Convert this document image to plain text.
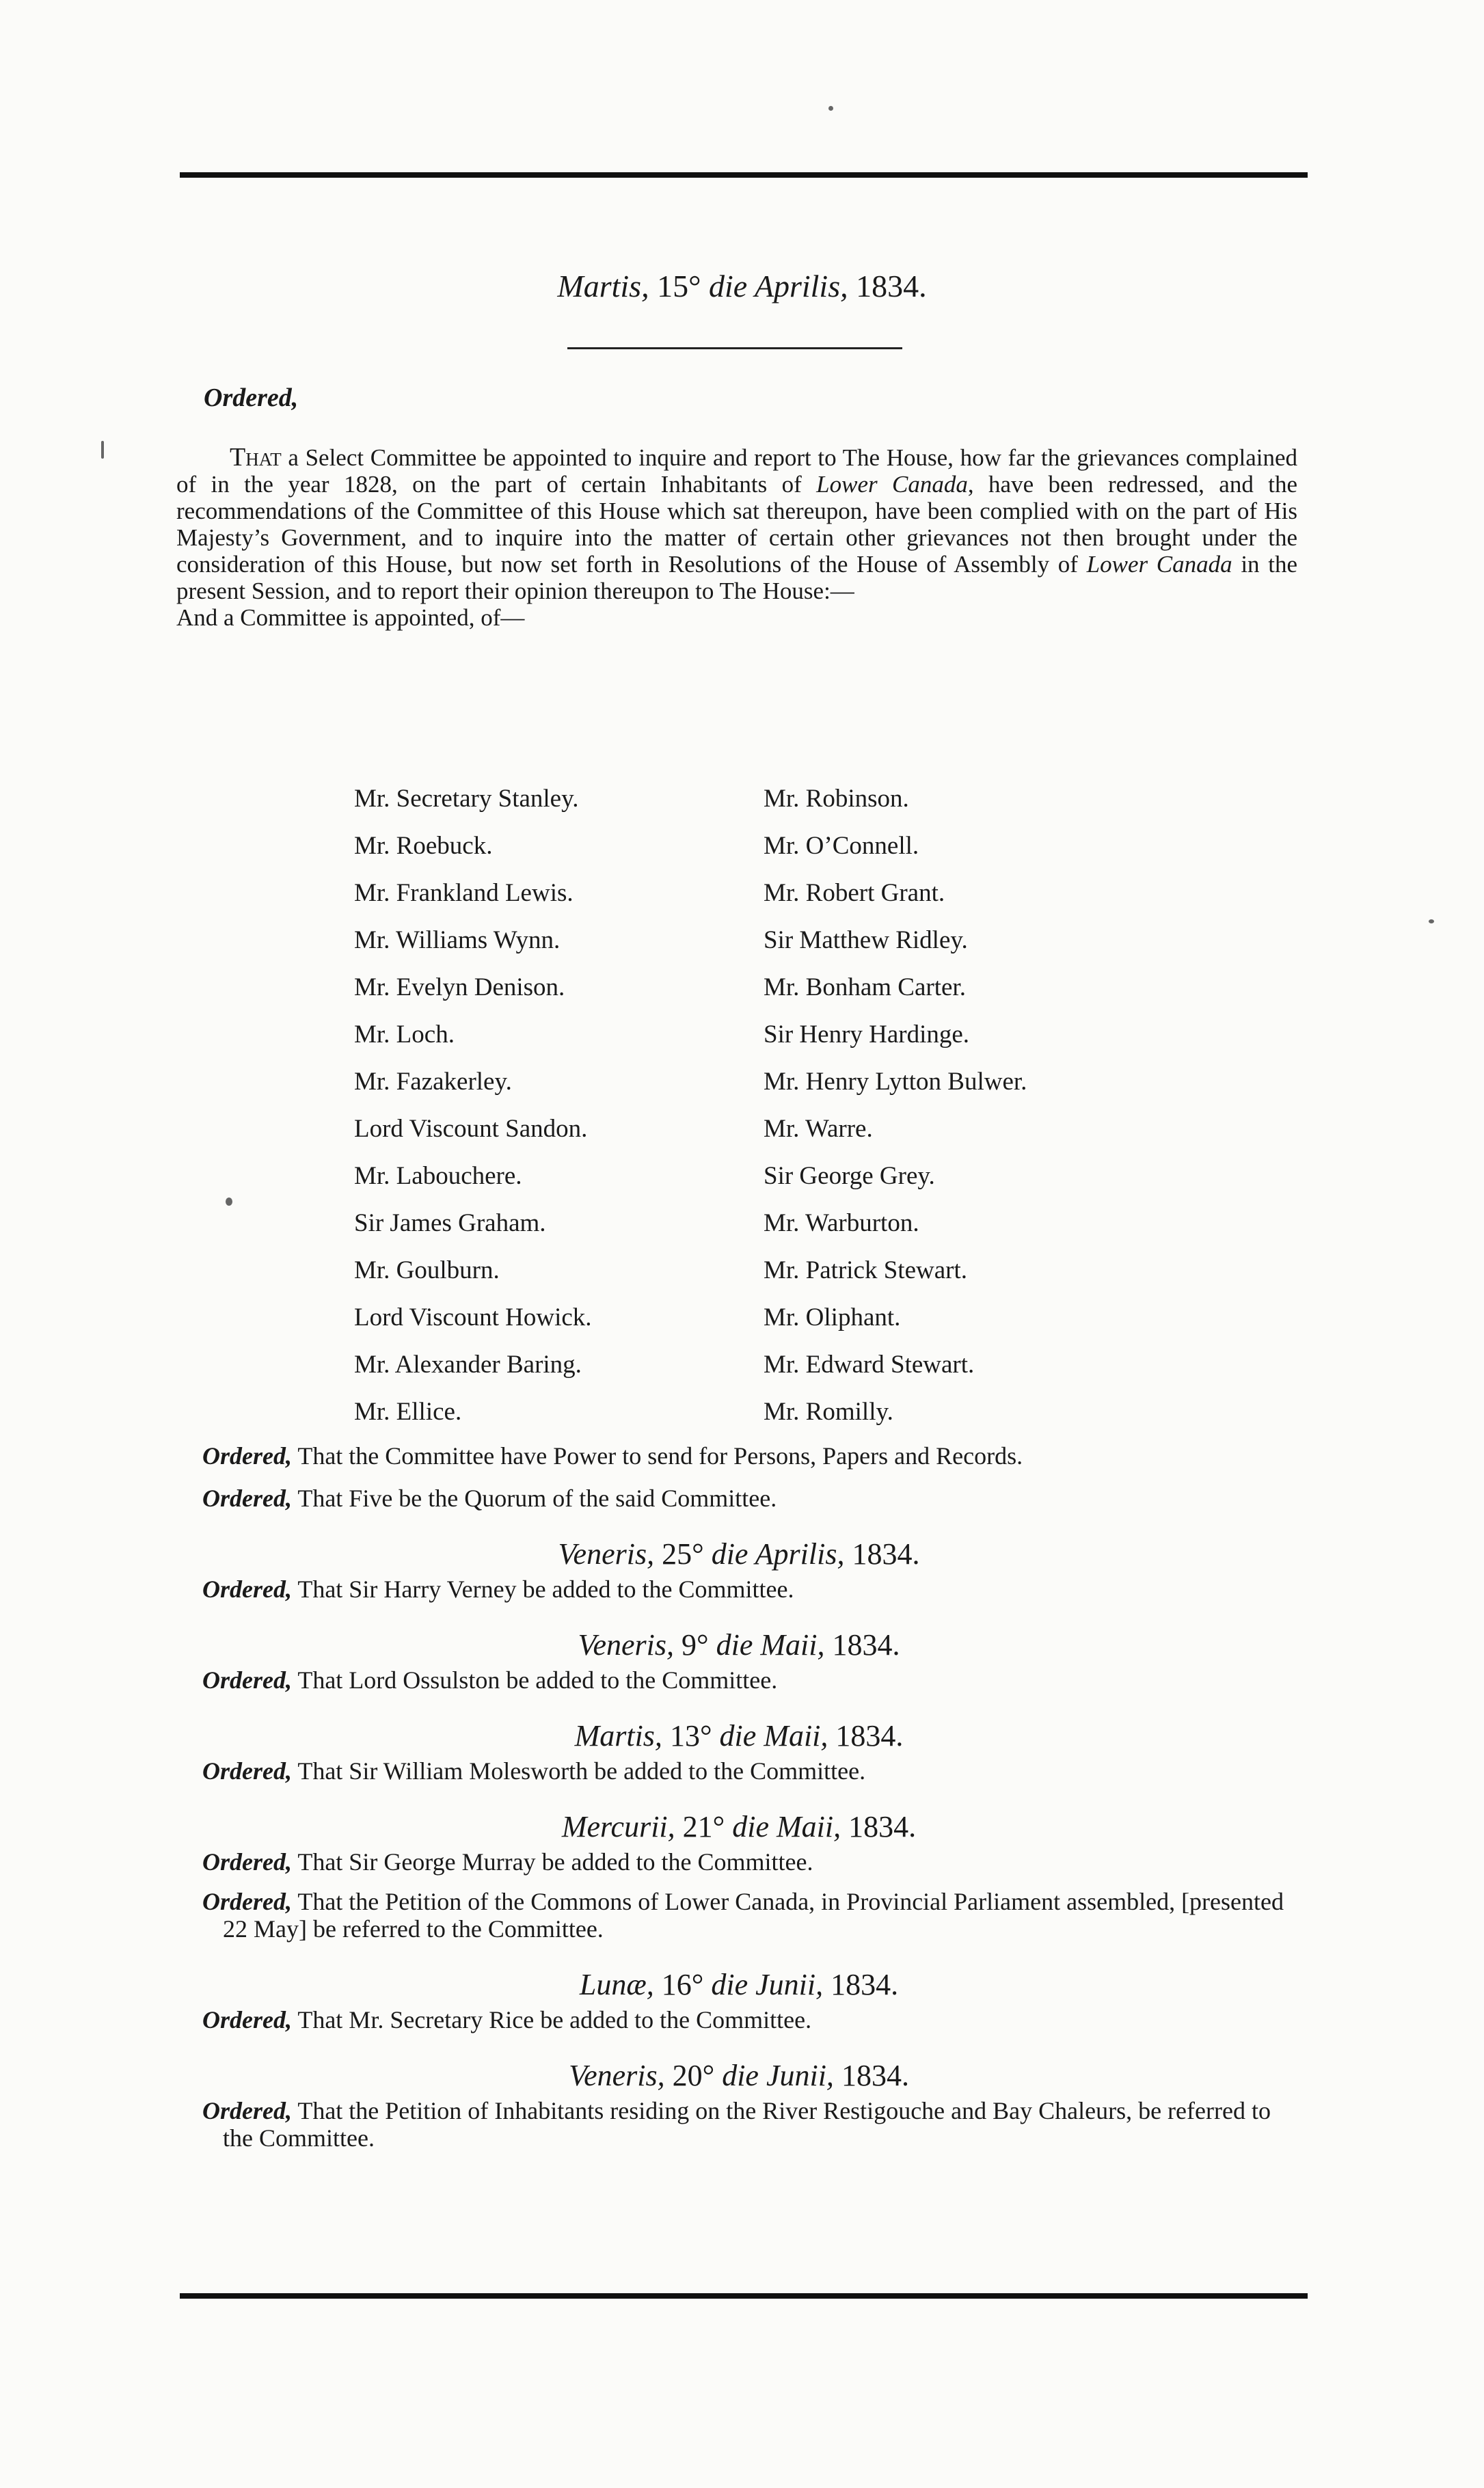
Martis, 15° die Aprilis, 1834.
Ordered,
That a Select Committee be appointed to inquire and report to The House, how far the grievances complained of in the year 1828, on the part of certain Inhabitants of Lower Canada, have been redressed, and the recommendations of the Committee of this House which sat thereupon, have been complied with on the part of His Majesty’s Government, and to inquire into the matter of certain other grievances not then brought under the consideration of this House, but now set forth in Resolutions of the House of Assembly of Lower Canada in the present Session, and to report their opinion thereupon to The House:—
And a Committee is appointed, of—
Mr. Secretary Stanley.
Mr. Roebuck.
Mr. Frankland Lewis.
Mr. Williams Wynn.
Mr. Evelyn Denison.
Mr. Loch.
Mr. Fazakerley.
Lord Viscount Sandon.
Mr. Labouchere.
Sir James Graham.
Mr. Goulburn.
Lord Viscount Howick.
Mr. Alexander Baring.
Mr. Ellice.
Mr. Robinson.
Mr. O’Connell.
Mr. Robert Grant.
Sir Matthew Ridley.
Mr. Bonham Carter.
Sir Henry Hardinge.
Mr. Henry Lytton Bulwer.
Mr. Warre.
Sir George Grey.
Mr. Warburton.
Mr. Patrick Stewart.
Mr. Oliphant.
Mr. Edward Stewart.
Mr. Romilly.
Ordered, That the Committee have Power to send for Persons, Papers and Records.
Ordered, That Five be the Quorum of the said Committee.
Veneris, 25° die Aprilis, 1834.
Ordered, That Sir Harry Verney be added to the Committee.
Veneris, 9° die Maii, 1834.
Ordered, That Lord Ossulston be added to the Committee.
Martis, 13° die Maii, 1834.
Ordered, That Sir William Molesworth be added to the Committee.
Mercurii, 21° die Maii, 1834.
Ordered, That Sir George Murray be added to the Committee.
Ordered, That the Petition of the Commons of Lower Canada, in Provincial Parliament assembled, [presented 22 May] be referred to the Committee.
Lunæ, 16° die Junii, 1834.
Ordered, That Mr. Secretary Rice be added to the Committee.
Veneris, 20° die Junii, 1834.
Ordered, That the Petition of Inhabitants residing on the River Restigouche and Bay Chaleurs, be referred to the Committee.
